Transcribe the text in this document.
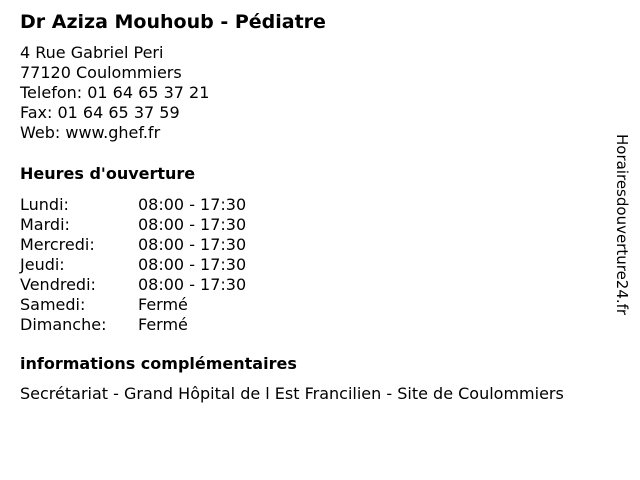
Dr Aziza Mouhoub - Pédiatre
4 Rue Gabriel Peri
77120 Coulommiers
Telefon: 01 64 65 37 21
Fax: 01 64 65 37 59
Web: www.ghef.fr
Heures d'ouverture
Lundi:	08:00 - 17:30
Mardi:	08:00 - 17:30
Mercredi:	08:00 - 17:30
Jeudi:	08:00 - 17:30
Vendredi:	08:00 - 17:30
Samedi:	Fermé
Dimanche: Fermé
informations complémentaires
Secrétariat - Grand Hôpital de l Est Francilien - Site de Coulommiers
Horairesdouverture24.fr
